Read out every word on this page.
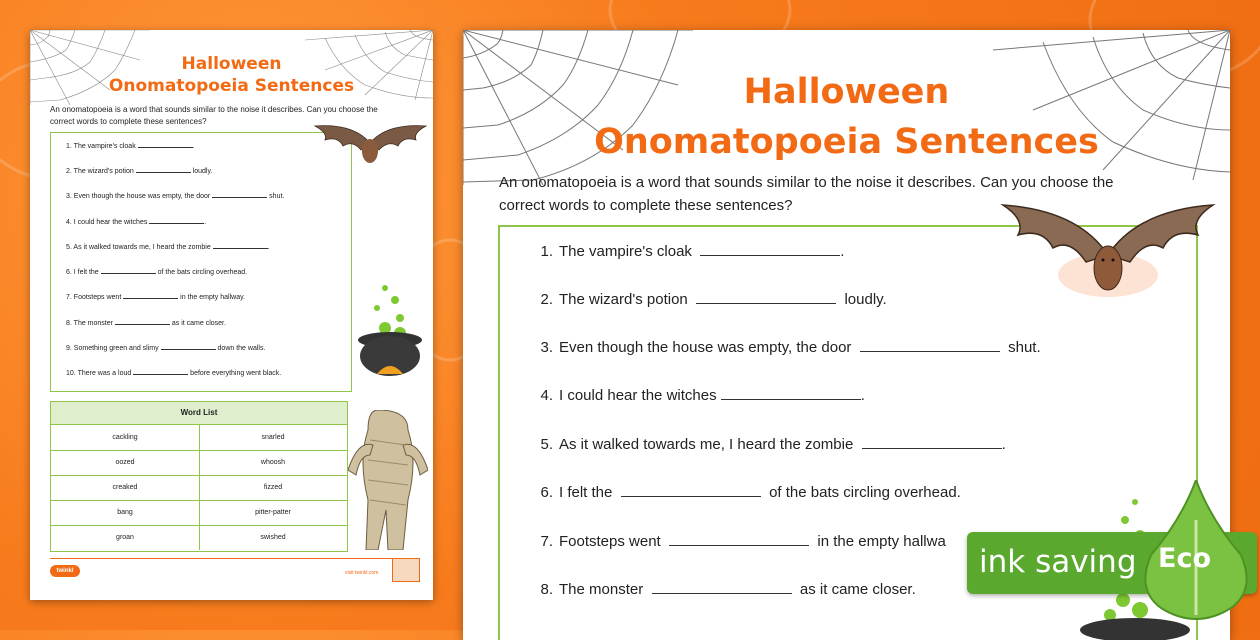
Halloween
Onomatopoeia Sentences
An onomatopoeia is a word that sounds similar to the noise it describes. Can you choose the
correct words to complete these sentences?
1. The vampire's cloak	.
2. The wizard's potion	loudly.
3. Even though the house was empty, the door	shut.
4. I could hear the witches	.
5. As it walked towards me, I heard the zombie	.
6. I felt the	of the bats circling overhead.
7. Footsteps went	in the empty hallway.
8. The monster	as it came closer.
9. Something green and slimy	down the walls.
10. There was a loud	before everything went black.
Word List
cackling	snarled
oozed	whoosh
creaked	fizzed
bang	pitter-patter
groan	swished
twinkl	visit twinkl.com
Halloween
Onomatopoeia Sentences
An onomatopoeia is a word that sounds similar to the noise it describes. Can you choose the
correct words to complete these sentences?
1. The vampire's cloak	.
2. The wizard's potion	loudly.
3. Even though the house was empty, the door	shut.
4. I could hear the witches	.
5. As it walked towards me, I heard the zombie	.
6. I felt the	of the bats circling overhead.
7. Footsteps went	in the empty hallwa
8. The monster	as it came closer.
ink saving Eco
